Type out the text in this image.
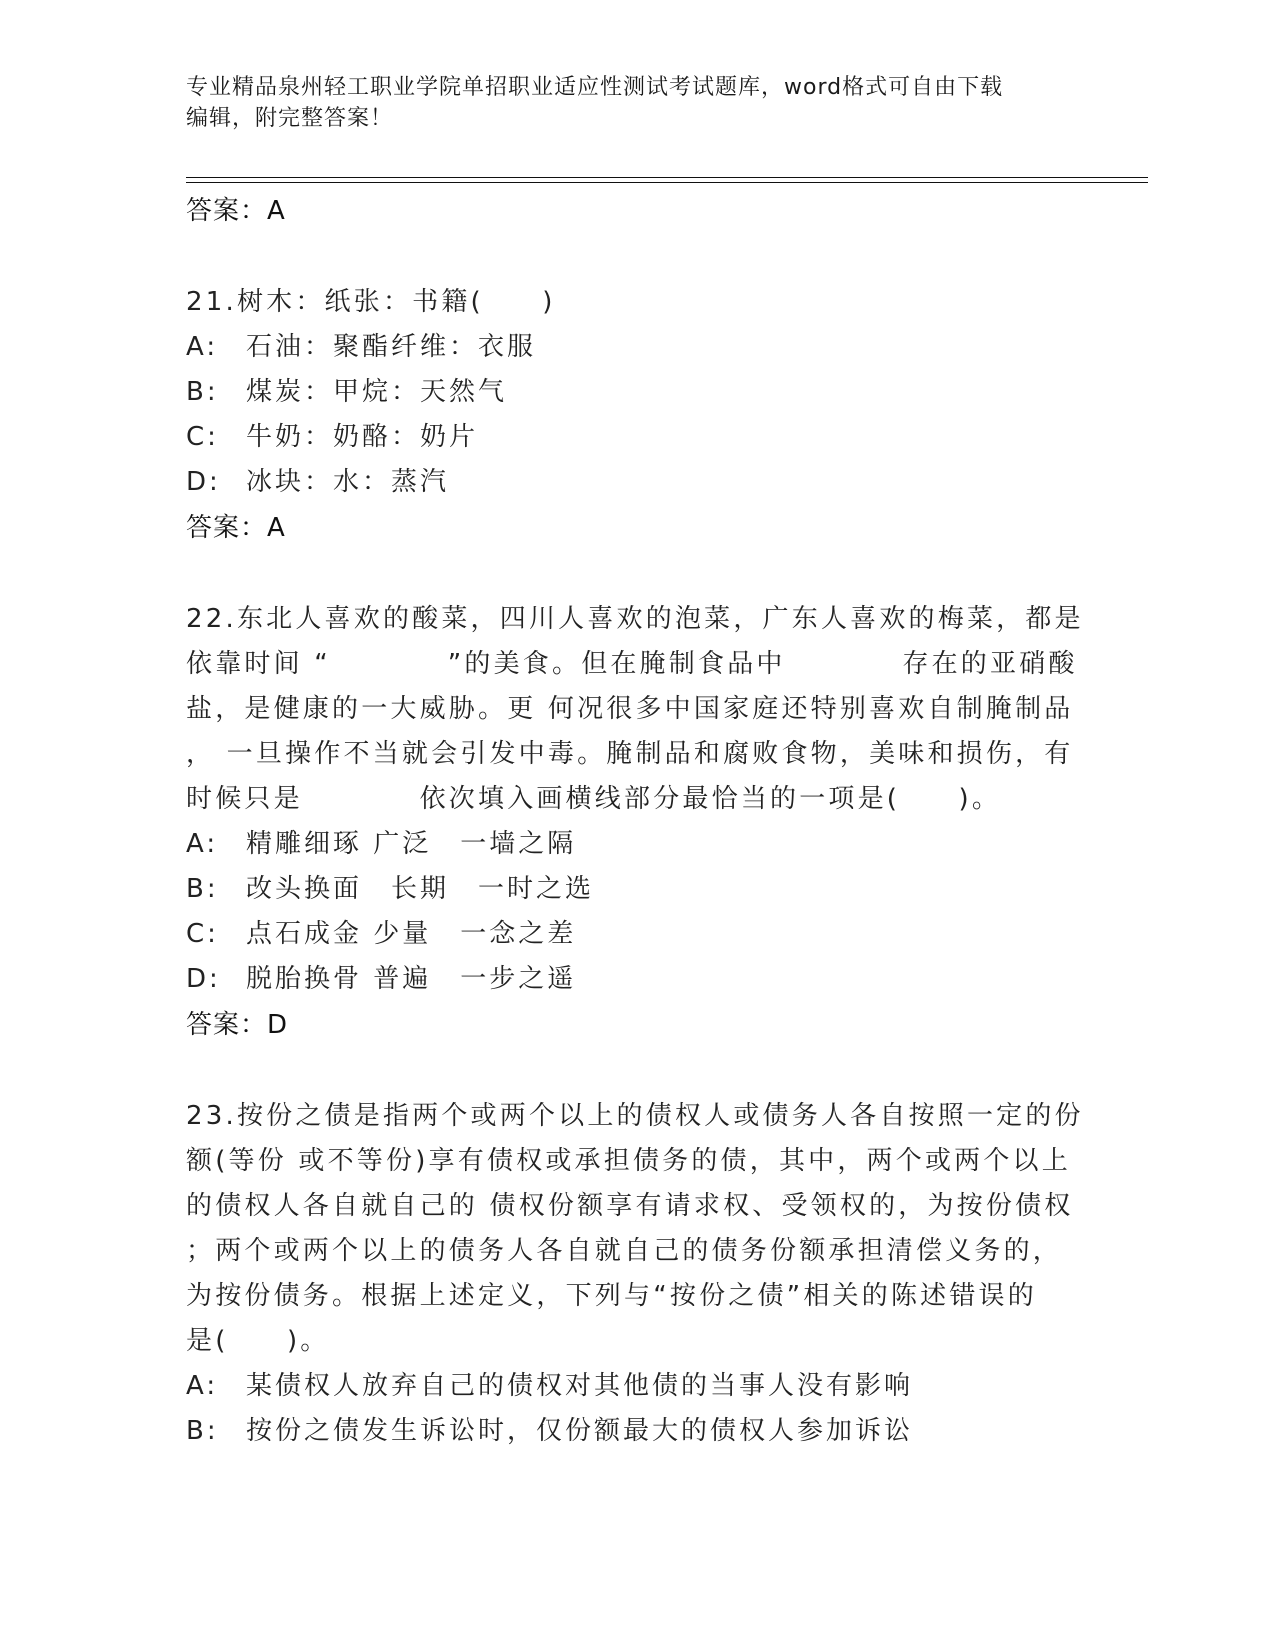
专业精品泉州轻工职业学院单招职业适应性测试考试题库，word格式可自由下载
编辑，附完整答案！
答案：A
21.树木：纸张：书籍(　　)
A: 石油：聚酯纤维：衣服
B: 煤炭：甲烷：天然气
C: 牛奶：奶酪：奶片
D: 冰块：水：蒸汽
答案：A
22.东北人喜欢的酸菜，四川人喜欢的泡菜，广东人喜欢的梅菜，都是
依靠时间 “　　　　”的美食。但在腌制食品中　　　　存在的亚硝酸
盐，是健康的一大威胁。更 何况很多中国家庭还特别喜欢自制腌制品
， 一旦操作不当就会引发中毒。腌制品和腐败食物，美味和损伤，有
时候只是　　　　依次填入画横线部分最恰当的一项是(　　)。
A: 精雕细琢 广泛　一墙之隔
B: 改头换面　长期　一时之选
C: 点石成金 少量　一念之差
D: 脱胎换骨 普遍　一步之遥
答案：D
23.按份之债是指两个或两个以上的债权人或债务人各自按照一定的份
额(等份 或不等份)享有债权或承担债务的债，其中，两个或两个以上
的债权人各自就自己的 债权份额享有请求权、受领权的，为按份债权
；两个或两个以上的债务人各自就自己的债务份额承担清偿义务的，
为按份债务。根据上述定义，下列与“按份之债”相关的陈述错误的
是(　　)。
A: 某债权人放弃自己的债权对其他债的当事人没有影响
B: 按份之债发生诉讼时，仅份额最大的债权人参加诉讼
